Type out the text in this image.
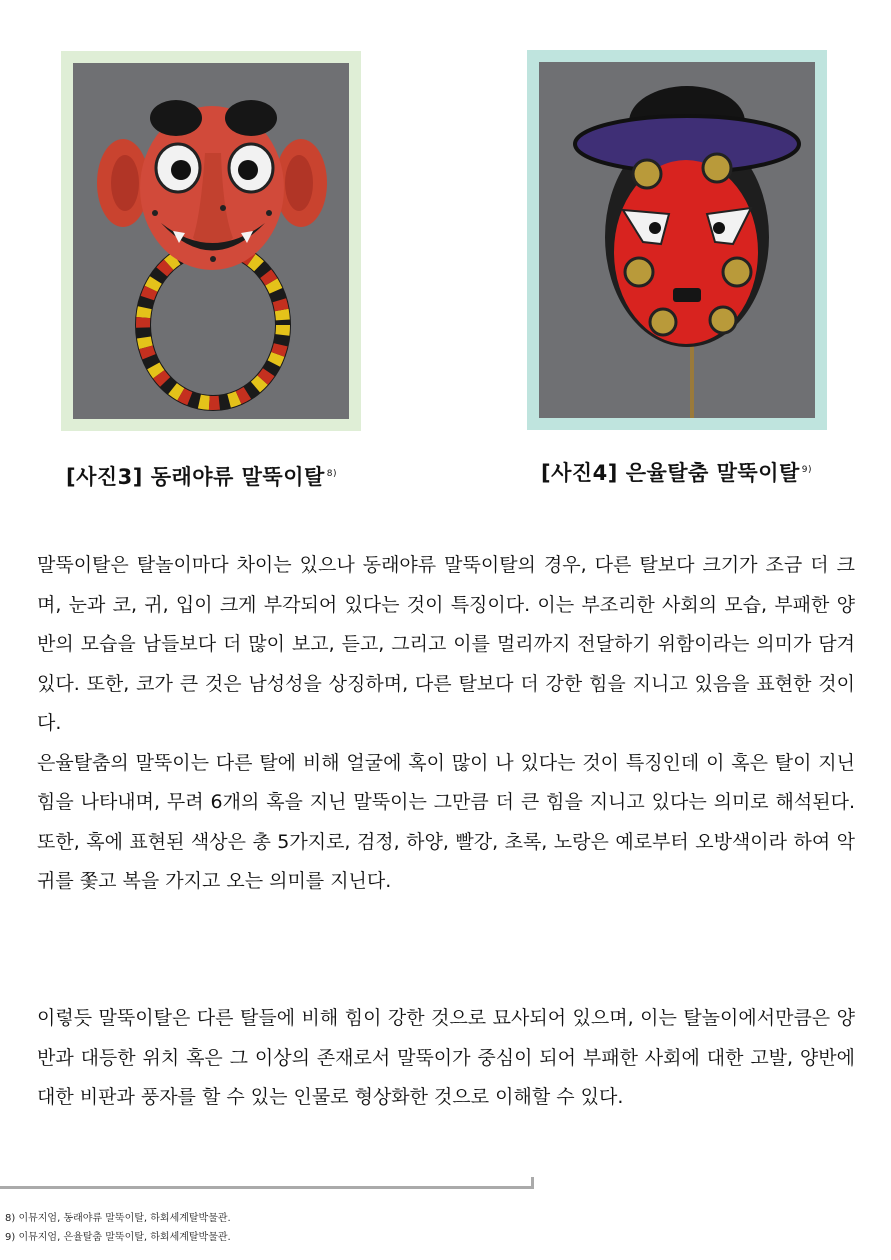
[사진3] 동래야류 말뚝이탈 $^{8)}$	[사진4] 은율탈춤 말뚝이탈 $^{9)}$

말뚝이탈은 탈놀이마다 차이는 있으나 동래야류 말뚝이탈의 경우, 다른 탈보다 크기가 조금 더 크며, 눈과 코, 귀, 입이 크게 부각되어 있다는 것이 특징이다. 이는 부조리한 사회의 모습, 부패한 양반의 모습을 남들보다 더 많이 보고, 듣고, 그리고 이를 멀리까지 전달하기 위함이라는 의미가 담겨있다. 또한, 코가 큰 것은 남성성을 상징하며, 다른 탈보다 더 강한 힘을 지니고 있음을 표현한 것이다.

은율탈춤의 말뚝이는 다른 탈에 비해 얼굴에 혹이 많이 나 있다는 것이 특징인데 이 혹은 탈이 지닌 힘을 나타내며, 무려 6개의 혹을 지닌 말뚝이는 그만큼 더 큰 힘을 지니고 있다는 의미로 해석된다. 또한, 혹에 표현된 색상은 총 5가지로, 검정, 하양, 빨강, 초록, 노랑은 예로부터 오방색이라 하여 악귀를 쫓고 복을 가지고 오는 의미를 지닌다.

이렇듯 말뚝이탈은 다른 탈들에 비해 힘이 강한 것으로 묘사되어 있으며, 이는 탈놀이에서만큼은 양반과 대등한 위치 혹은 그 이상의 존재로서 말뚝이가 중심이 되어 부패한 사회에 대한 고발, 양반에 대한 비판과 풍자를 할 수 있는 인물로 형상화한 것으로 이해할 수 있다.

8) 이뮤지엄, 동래야류 말뚝이탈, 하회세계탈박물관.
9) 이뮤지엄, 은율탈춤 말뚝이탈, 하회세계탈박물관.
